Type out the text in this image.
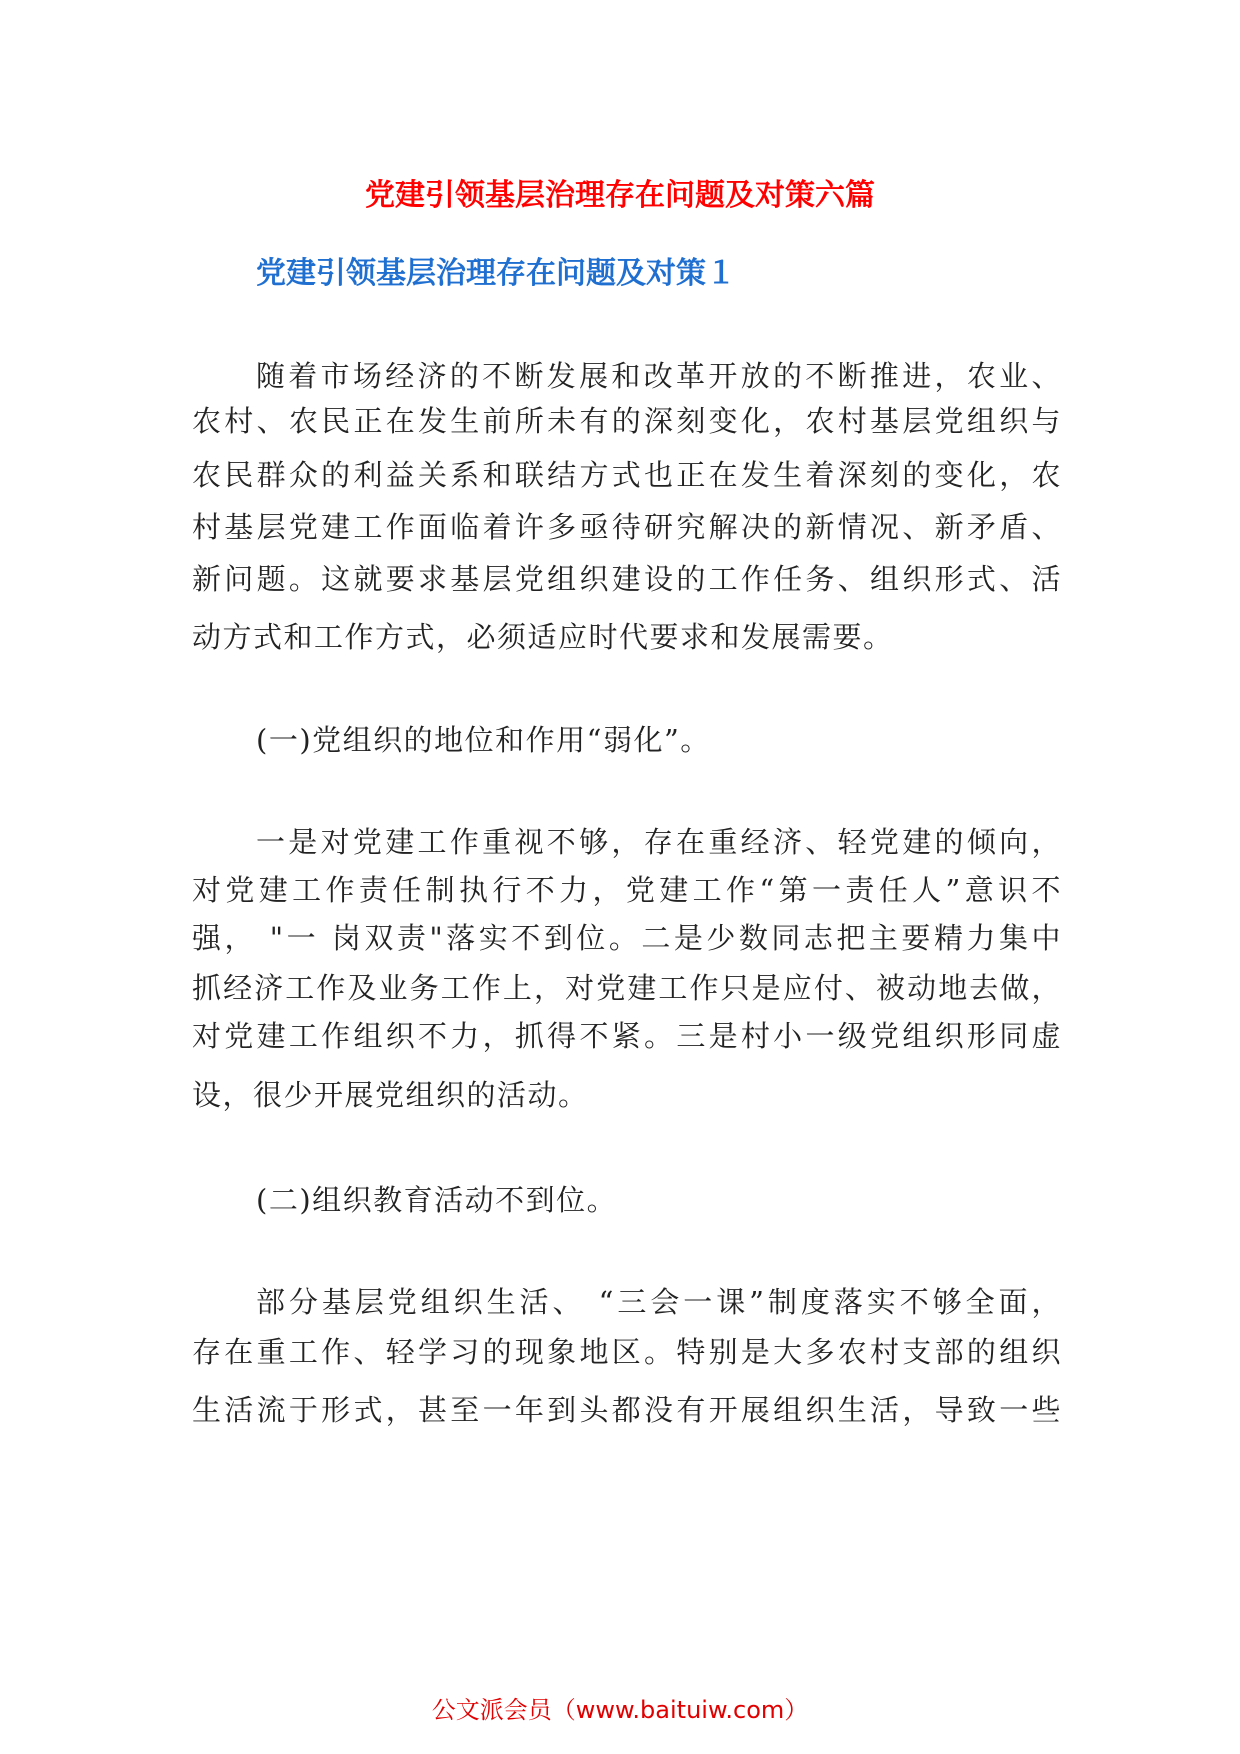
党建引领基层治理存在问题及对策六篇
党建引领基层治理存在问题及对策１
随着市场经济的不断发展和改革开放的不断推进，农业、
农村、农民正在发生前所未有的深刻变化，农村基层党组织与
农民群众的利益关系和联结方式也正在发生着深刻的变化，农
村基层党建工作面临着许多亟待研究解决的新情况、新矛盾、
新问题。这就要求基层党组织建设的工作任务、组织形式、活
动方式和工作方式，必须适应时代要求和发展需要。
(一)党组织的地位和作用“弱化”。
一是对党建工作重视不够，存在重经济、轻党建的倾向，
对党建工作责任制执行不力，党建工作“第一责任人”意识不
强， "一 岗双责"落实不到位。二是少数同志把主要精力集中
抓经济工作及业务工作上，对党建工作只是应付、被动地去做，
对党建工作组织不力，抓得不紧。三是村小一级党组织形同虚
设，很少开展党组织的活动。
(二)组织教育活动不到位。
部分基层党组织生活、 “三会一课”制度落实不够全面，
存在重工作、轻学习的现象地区。特别是大多农村支部的组织
生活流于形式，甚至一年到头都没有开展组织生活，导致一些
公文派会员（www.baituiw.com）
